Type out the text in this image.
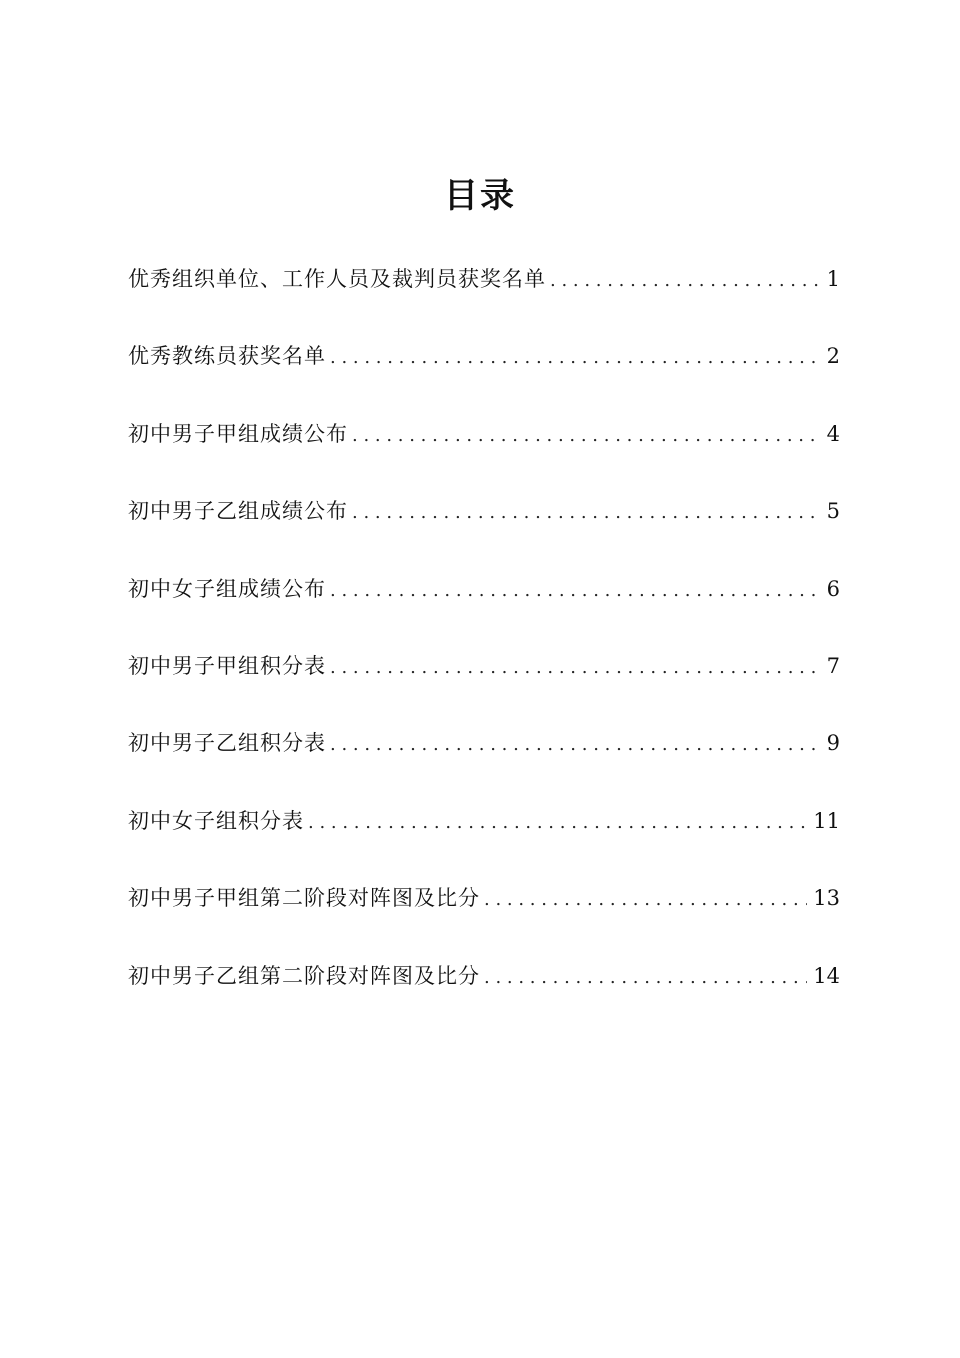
目录
优秀组织单位、工作人员及裁判员获奖名单 . . .	1
优秀教练员获奖名单 . . .	2
初中男子甲组成绩公布 . . .	4
初中男子乙组成绩公布 . . .	5
初中女子组成绩公布 . . .	6
初中男子甲组积分表 . . .	7
初中男子乙组积分表 . . .	9
初中女子组积分表 . . .	11
初中男子甲组第二阶段对阵图及比分 . . .	13
初中男子乙组第二阶段对阵图及比分 . . .	14
